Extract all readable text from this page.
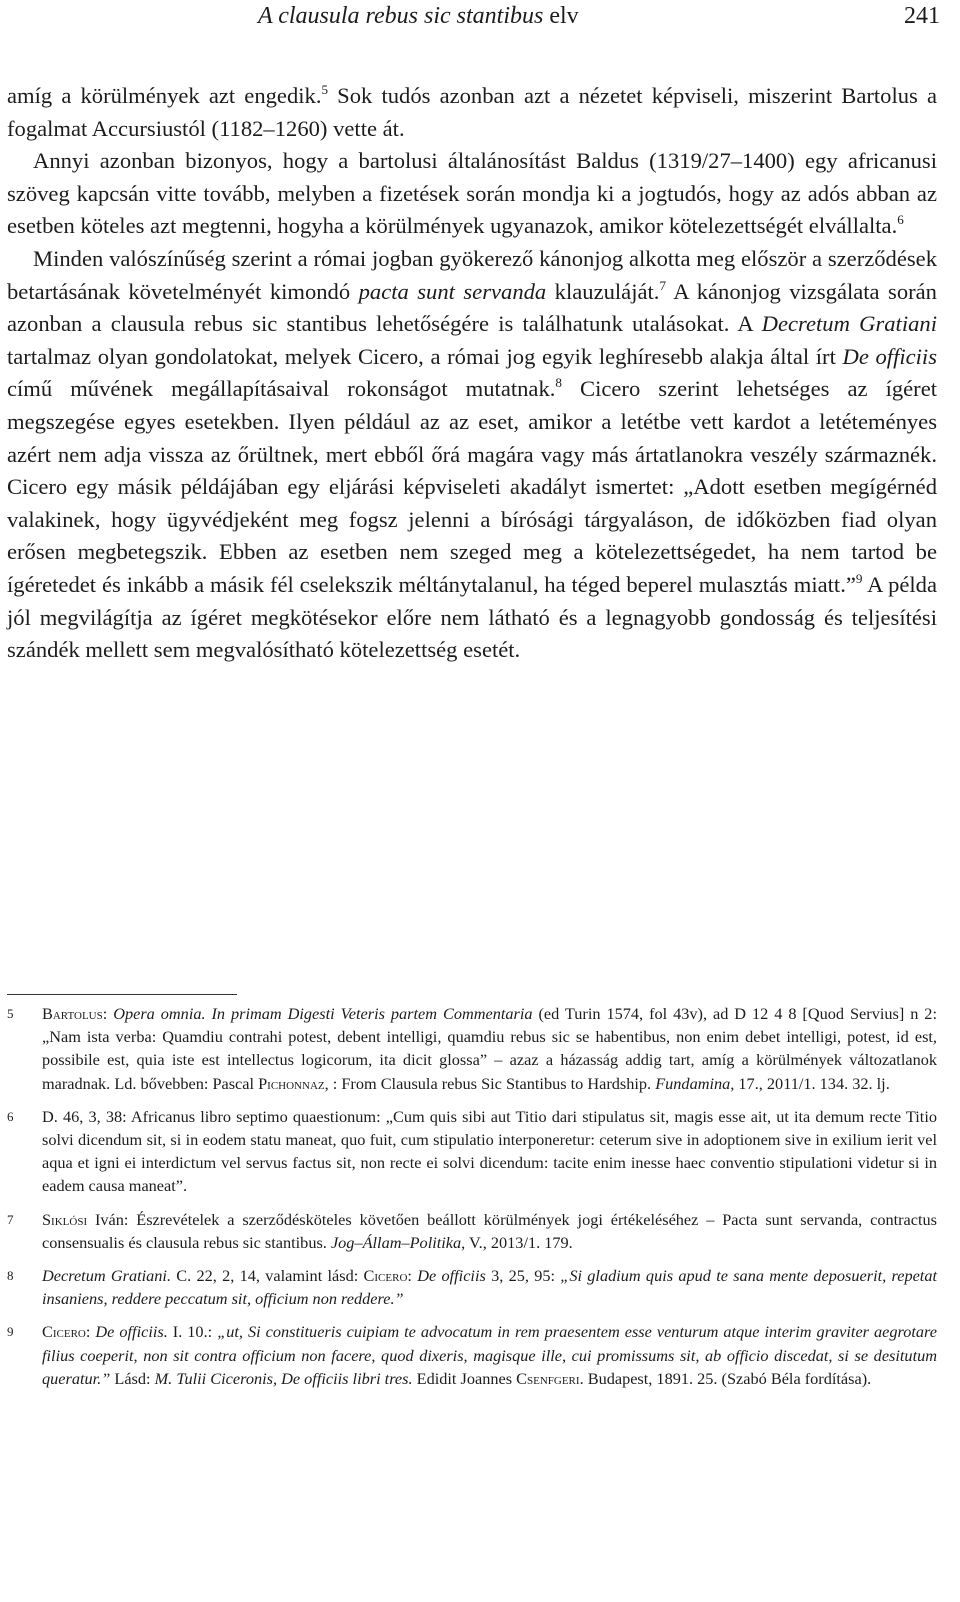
A clausula rebus sic stantibus elv	241

amíg a körülmények azt engedik.$^5$ Sok tudós azonban azt a nézetet képviseli, miszerint Bartolus a fogalmat Accursiustól (1182–1260) vette át.

Annyi azonban bizonyos, hogy a bartolusi általánosítást Baldus (1319/27–1400) egy africanusi szöveg kapcsán vitte tovább, melyben a fizetések során mondja ki a jogtudós, hogy az adós abban az esetben köteles azt megtenni, hogyha a körülmények ugyanazok, amikor kötelezettségét elvállalta.$^6$

Minden valószínűség szerint a római jogban gyökerező kánonjog alkotta meg először a szerződések betartásának követelményét kimondó pacta sunt servanda klauzuláját.$^7$ A kánonjog vizsgálata során azonban a clausula rebus sic stantibus lehetőségére is találhatunk utalásokat. A Decretum Gratiani tartalmaz olyan gondolatokat, melyek Cicero, a római jog egyik leghíresebb alakja által írt De officiis című művének megállapításaival rokonságot mutatnak.$^8$ Cicero szerint lehetséges az ígéret megszegése egyes esetekben. Ilyen például az az eset, amikor a letétbe vett kardot a letéteményes azért nem adja vissza az őrültnek, mert ebből őrá magára vagy más ártatlanokra veszély származnék. Cicero egy másik példájában egy eljárási képviseleti akadályt ismertet: „Adott esetben megígérnéd valakinek, hogy ügyvédjeként meg fogsz jelenni a bírósági tárgyaláson, de időközben fiad olyan erősen megbetegszik. Ebben az esetben nem szeged meg a kötelezettségedet, ha nem tartod be ígéretedet és inkább a másik fél cselekszik méltánytalanul, ha téged beperel mulasztás miatt.”$^9$ A példa jól megvilágítja az ígéret megkötésekor előre nem látható és a legnagyobb gondosság és teljesítési szándék mellett sem megvalósítható kötelezettség esetét.

5 Bartolus: Opera omnia. In primam Digesti Veteris partem Commentaria (ed Turin 1574, fol 43v), ad D 12 4 8 [Quod Servius] n 2: „Nam ista verba: Quamdiu contrahi potest, debent intelligi, quamdiu rebus sic se habentibus, non enim debet intelligi, potest, id est, possibile est, quia iste est intellectus logicorum, ita dicit glossa” – azaz a házasság addig tart, amíg a körülmények változatlanok maradnak. Ld. bővebben: Pascal Pichonnaz, : From Clausula rebus Sic Stantibus to Hardship. Fundamina, 17., 2011/1. 134. 32. lj.
6 D. 46, 3, 38: Africanus libro septimo quaestionum: „Cum quis sibi aut Titio dari stipulatus sit, magis esse ait, ut ita demum recte Titio solvi dicendum sit, si in eodem statu maneat, quo fuit, cum stipulatio interponeretur: ceterum sive in adoptionem sive in exilium ierit vel aqua et igni ei interdictum vel servus factus sit, non recte ei solvi dicendum: tacite enim inesse haec conventio stipulationi videtur si in eadem causa maneat”.
7 Siklósi Iván: Észrevételek a szerződésköteles követően beállott körülmények jogi értékeléséhez – Pacta sunt servanda, contractus consensualis és clausula rebus sic stantibus. Jog–Állam–Politika, V., 2013/1. 179.
8 Decretum Gratiani. C. 22, 2, 14, valamint lásd: Cicero: De officiis 3, 25, 95: „Si gladium quis apud te sana mente deposuerit, repetat insaniens, reddere peccatum sit, officium non reddere.”
9 Cicero: De officiis. I. 10.: „ut, Si constitueris cuipiam te advocatum in rem praesentem esse venturum atque interim graviter aegrotare filius coeperit, non sit contra officium non facere, quod dixeris, magisque ille, cui promissums sit, ab officio discedat, si se desitutum queratur.” Lásd: M. Tulii Ciceronis, De officiis libri tres. Edidit Joannes Csenfgeri. Budapest, 1891. 25. (Szabó Béla fordítása).
